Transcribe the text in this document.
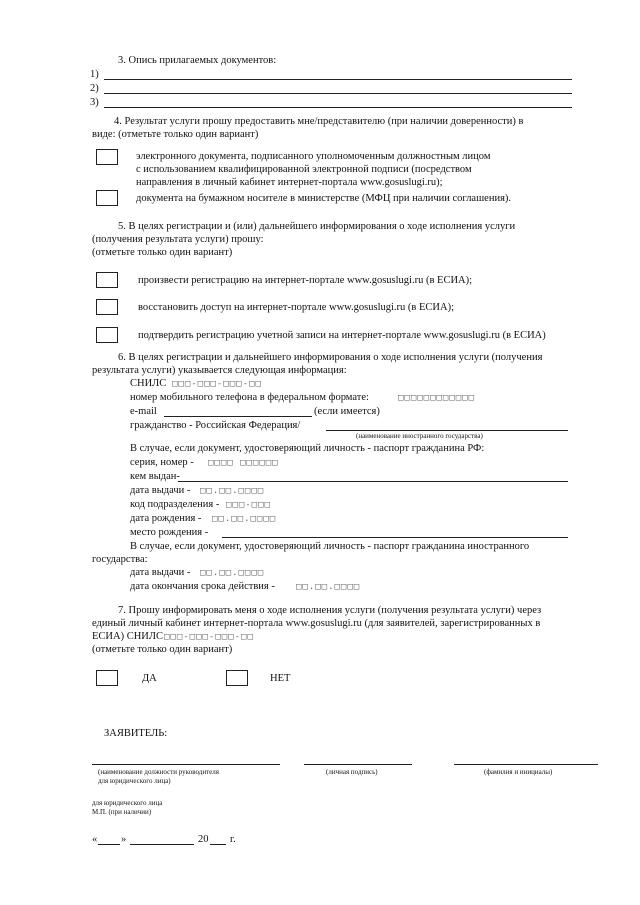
3. Опись прилагаемых документов:
1)
2)
3)
4. Результат услуги прошу предоставить мне/представителю (при наличии доверенности) в
виде: (отметьте только один вариант)
электронного документа, подписанного уполномоченным должностным лицом
с использованием квалифицированной электронной подписи (посредством
направления в личный кабинет интернет-портала www.gosuslugi.ru);
документа на бумажном носителе в министерстве (МФЦ при наличии соглашения).
5. В целях регистрации и (или) дальнейшего информирования о ходе исполнения услуги
(получения результата услуги) прошу:
(отметьте только один вариант)
произвести регистрацию на интернет-портале www.gosuslugi.ru (в ЕСИА);
восстановить доступ на интернет-портале www.gosuslugi.ru (в ЕСИА);
подтвердить регистрацию учетной записи на интернет-портале www.gosuslugi.ru (в ЕСИА)
6. В целях регистрации и дальнейшего информирования о ходе исполнения услуги (получения
результата услуги) указывается следующая информация:
СНИЛС □□□-□□□-□□□-□□
номер мобильного телефона в федеральном формате:	□□□□□□□□□□□□
e-mail	(если имеется)
гражданство - Российская Федерация/
(наименование иностранного государства)
В случае, если документ, удостоверяющий личность - паспорт гражданина РФ:
серия, номер - □□□□ □□□□□□
кем выдан-
дата выдачи - □□.□□.□□□□
код подразделения - □□□-□□□
дата рождения - □□.□□.□□□□
место рождения -
В случае, если документ, удостоверяющий личность - паспорт гражданина иностранного
государства:
дата выдачи - □□.□□.□□□□
дата окончания срока действия - □□.□□.□□□□
7. Прошу информировать меня о ходе исполнения услуги (получения результата услуги) через
единый личный кабинет интернет-портала www.gosuslugi.ru (для заявителей, зарегистрированных в
ЕСИА) СНИЛС □□□-□□□-□□□-□□
(отметьте только один вариант)
ДА	НЕТ
ЗАЯВИТЕЛЬ:
(наименование должности руководителя
для юридического лица)
(личная подпись)	(фамилия и инициалы)
для юридического лица
М.П. (при наличии)
« »	20 г.
